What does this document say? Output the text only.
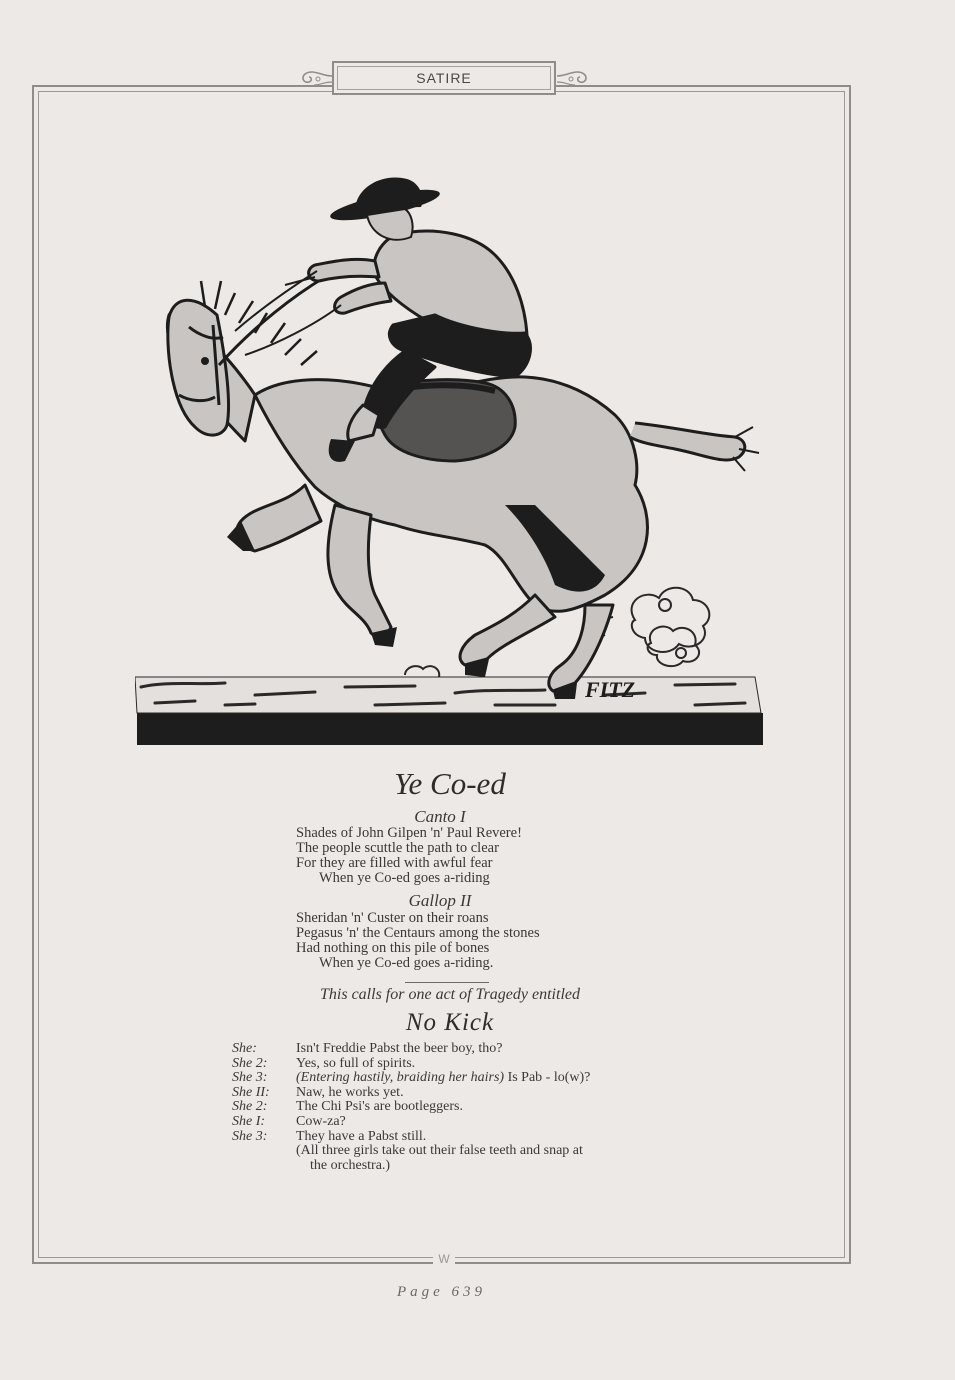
SATIRE
FITZ
Ye Co-ed
Canto I
Shades of John Gilpen 'n' Paul Revere!
The people scuttle the path to clear
For they are filled with awful fear
When ye Co-ed goes a-riding
Gallop II
Sheridan 'n' Custer on their roans
Pegasus 'n' the Centaurs among the stones
Had nothing on this pile of bones
When ye Co-ed goes a-riding.
This calls for one act of Tragedy entitled
No Kick
She:	Isn't Freddie Pabst the beer boy, tho?
She 2:	Yes, so full of spirits.
She 3:	(Entering hastily, braiding her hairs) Is Pab - lo(w)?
She II:	Naw, he works yet.
She 2:	The Chi Psi's are bootleggers.
She I:	Cow-za?
She 3:	They have a Pabst still.
(All three girls take out their false teeth and snap at
the orchestra.)
W
Page 639
